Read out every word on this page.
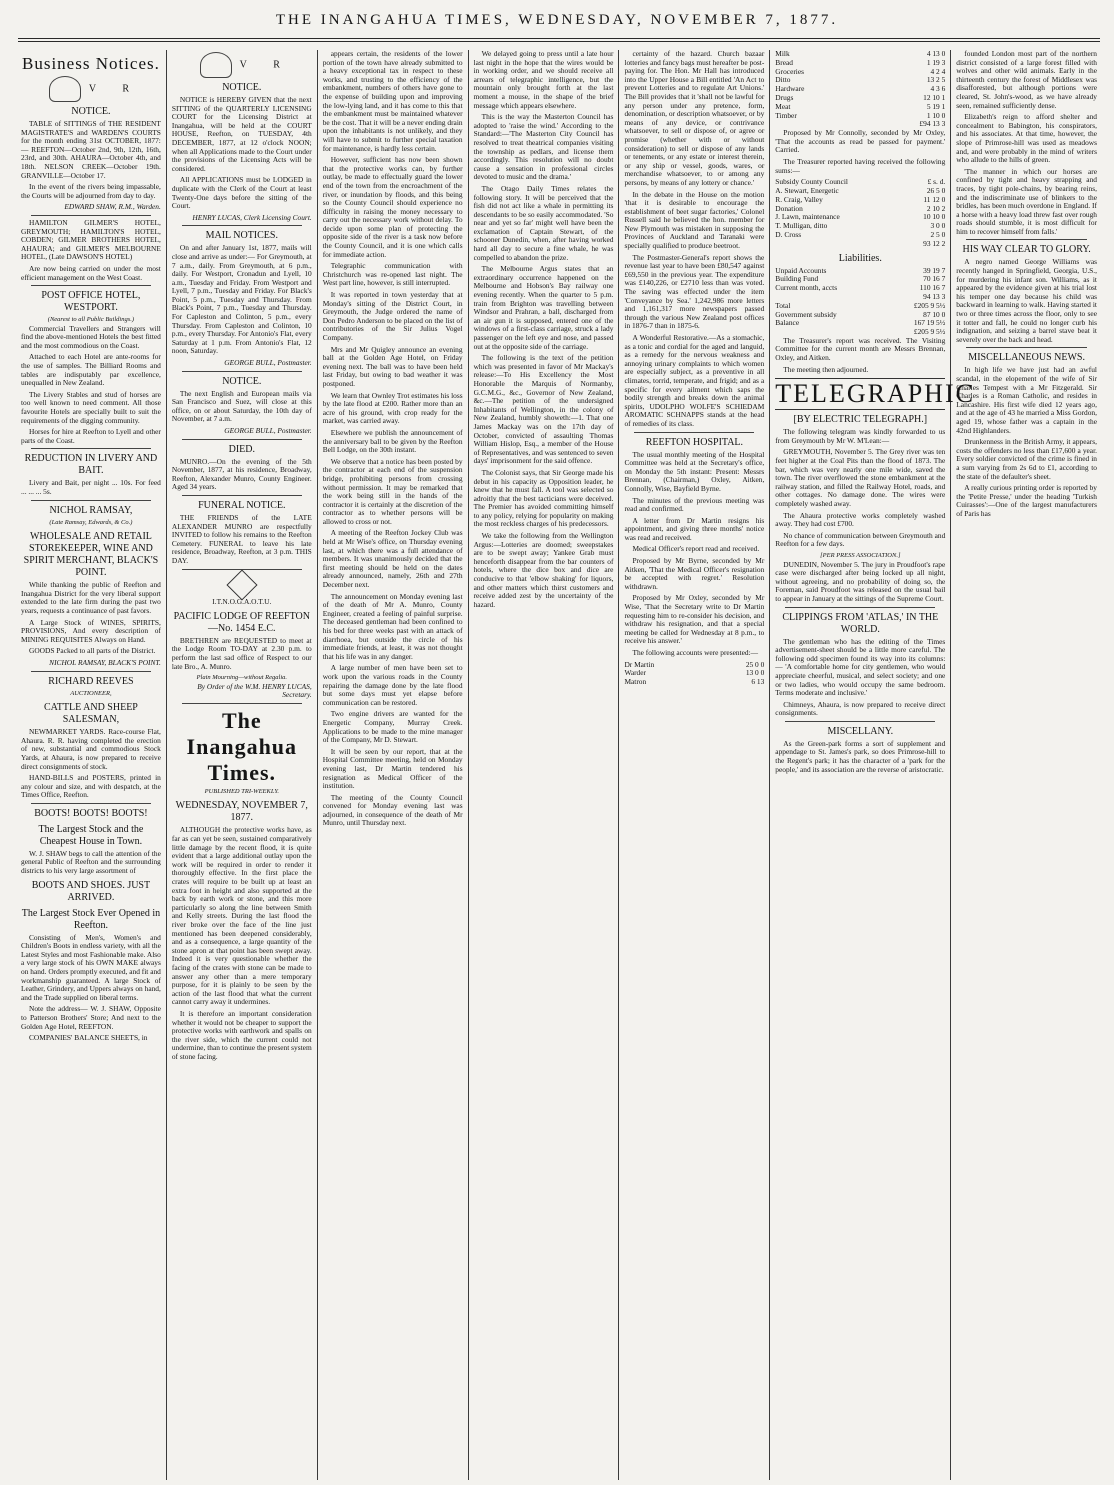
THE INANGAHUA TIMES, WEDNESDAY, NOVEMBER 7, 1877.
Business Notices.
V R
NOTICE.

TABLE of SITTINGS of THE RESIDENT MAGISTRATE'S and WARDEN'S COURTS for the month ending 31st OCTOBER, 1877:— REEFTON—October 2nd, 9th, 12th, 16th, 23rd, and 30th. AHAURA—October 4th, and 18th. NELSON CREEK—October 19th. GRANVILLE—October 17.

In the event of the rivers being impassable, the Courts will be adjourned from day to day.

EDWARD SHAW, R.M., Warden.

HAMILTON GILMER'S HOTEL, GREYMOUTH; HAMILTON'S HOTEL, COBDEN; GILMER BROTHERS HOTEL, AHAURA; and GILMER'S MELBOURNE HOTEL, (Late DAWSON'S HOTEL)

Are now being carried on under the most efficient management on the West Coast.

POST OFFICE HOTEL, WESTPORT.
(Nearest to all Public Buildings.)

Commercial Travellers and Strangers will find the above-mentioned Hotels the best fitted and the most commodious on the Coast.

Attached to each Hotel are ante-rooms for the use of samples. The Billiard Rooms and tables are indisputably par excellence, unequalled in New Zealand.

The Livery Stables and stud of horses are too well known to need comment. All those favourite Hotels are specially built to suit the requirements of the digging community.

Horses for hire at Reefton to Lyell and other parts of the Coast.

REDUCTION IN LIVERY AND BAIT.

Livery and Bait, per night ... 10s. For feed ... ... ... 5s.

NICHOL RAMSAY,
(Late Ramsay, Edwards, & Co.)
WHOLESALE AND RETAIL STOREKEEPER, WINE AND SPIRIT MERCHANT, BLACK'S POINT.

While thanking the public of Reefton and Inangahua District for the very liberal support extended to the late firm during the past two years, requests a continuance of past favors.

A Large Stock of WINES, SPIRITS, PROVISIONS, And every description of MINING REQUISITES Always on Hand.

GOODS Packed to all parts of the District.

NICHOL RAMSAY, BLACK'S POINT.
RICHARD REEVES
AUCTIONEER,
CATTLE AND SHEEP SALESMAN,

NEWMARKET YARDS. Race-course Flat, Ahaura. R. R. having completed the erection of new, substantial and commodious Stock Yards, at Ahaura, is now prepared to receive direct consignments of stock.

HAND-BILLS and POSTERS, printed in any colour and size, and with despatch, at the Times Office, Reefton.

BOOTS! BOOTS! BOOTS!
The Largest Stock and the Cheapest House in Town.

W. J. SHAW begs to call the attention of the general Public of Reefton and the surrounding districts to his very large assortment of

BOOTS AND SHOES. JUST ARRIVED.
The Largest Stock Ever Opened in Reefton.

Consisting of Men's, Women's and Children's Boots in endless variety, with all the Latest Styles and most Fashionable make. Also a very large stock of his OWN MAKE always on hand. Orders promptly executed, and fit and workmanship guaranteed. A large Stock of Leather, Grindery, and Uppers always on hand, and the Trade supplied on liberal terms.

Note the address— W. J. SHAW, Opposite to Patterson Brothers' Store; And next to the Golden Age Hotel, REEFTON.

COMPANIES' BALANCE SHEETS, in

V R
NOTICE.

NOTICE is HEREBY GIVEN that the next SITTING of the QUARTERLY LICENSING COURT for the Licensing District at Inangahua, will be held at the COURT HOUSE, Reefton, on TUESDAY, 4th DECEMBER, 1877, at 12 o'clock NOON; when all Applications made to the Court under the provisions of the Licensing Acts will be considered.

All APPLICATIONS must be LODGED in duplicate with the Clerk of the Court at least Twenty-One days before the sitting of the Court.

HENRY LUCAS, Clerk Licensing Court.
MAIL NOTICES.

On and after January 1st, 1877, mails will close and arrive as under:— For Greymouth, at 7 a.m., daily. From Greymouth, at 6 p.m., daily. For Westport, Cronadun and Lyell, 10 a.m., Tuesday and Friday. From Westport and Lyell, 7 p.m., Tuesday and Friday. For Black's Point, 5 p.m., Tuesday and Thursday. From Black's Point, 7 p.m., Tuesday and Thursday. For Capleston and Colinton, 5 p.m., every Thursday. From Capleston and Colinton, 10 p.m., every Thursday. For Antonio's Flat, every Saturday at 1 p.m. From Antonio's Flat, 12 noon, Saturday.

GEORGE BULL, Postmaster.
NOTICE.

The next English and European mails via San Francisco and Suez, will close at this office, on or about Saturday, the 10th day of November, at 7 a.m.

GEORGE BULL, Postmaster.
DIED.

MUNRO.—On the evening of the 5th November, 1877, at his residence, Broadway, Reefton, Alexander Munro, County Engineer. Aged 34 years.

FUNERAL NOTICE.

THE FRIENDS of the LATE ALEXANDER MUNRO are respectfully INVITED to follow his remains to the Reefton Cemetery. FUNERAL to leave his late residence, Broadway, Reefton, at 3 p.m. THIS DAY.

I.T.N.O.G.A.O.T.U.
PACIFIC LODGE OF REEFTON—No. 1454 E.C.

BRETHREN are REQUESTED to meet at the Lodge Room TO-DAY at 2.30 p.m. to perform the last sad office of Respect to our late Bro., A. Munro.

Plain Mourning—without Regalia.
By Order of the W.M. HENRY LUCAS, Secretary.
The Inangahua Times.
PUBLISHED TRI-WEEKLY.
WEDNESDAY, NOVEMBER 7, 1877.

ALTHOUGH the protective works have, as far as can yet be seen, sustained comparatively little damage by the recent flood, it is quite evident that a large additional outlay upon the work will be required in order to render it thoroughly effective. In the first place the crates will require to be built up at least an extra foot in height and also supported at the back by earth work or stone, and this more particularly so along the line between Smith and Kelly streets. During the last flood the river broke over the face of the line just mentioned has been deepened considerably, and as a consequence, a large quantity of the stone apron at that point has been swept away. Indeed it is very questionable whether the facing of the crates with stone can be made to answer any other than a mere temporary purpose, for it is plainly to be seen by the action of the last flood that what the current cannot carry away it undermines.

It is therefore an important consideration whether it would not be cheaper to support the protective works with earthwork and spalls on the river side, which the current could not undermine, than to continue the present system of stone facing.

appears certain, the residents of the lower portion of the town have already submitted to a heavy exceptional tax in respect to these works, and trusting to the efficiency of the embankment, numbers of others have gone to the expense of building upon and improving the low-lying land, and it has come to this that the embankment must be maintained whatever be the cost. That it will be a never ending drain upon the inhabitants is not unlikely, and they will have to submit to further special taxation for maintenance, is hardly less certain.

However, sufficient has now been shown that the protective works can, by further outlay, be made to effectually guard the lower end of the town from the encroachment of the river, or inundation by floods, and this being so the County Council should experience no difficulty in raising the money necessary to carry out the necessary work without delay. To decide upon some plan of protecting the opposite side of the river is a task now before the County Council, and it is one which calls for immediate action.

Telegraphic communication with Christchurch was re-opened last night. The West part line, however, is still interrupted.

It was reported in town yesterday that at Monday's sitting of the District Court, in Greymouth, the Judge ordered the name of Don Pedro Anderson to be placed on the list of contributories of the Sir Julius Vogel Company.

Mrs and Mr Quigley announce an evening ball at the Golden Age Hotel, on Friday evening next. The ball was to have been held last Friday, but owing to bad weather it was postponed.

We learn that Ownley Trot estimates his loss by the late flood at £200. Rather more than an acre of his ground, with crop ready for the market, was carried away.

Elsewhere we publish the announcement of the anniversary ball to be given by the Reefton Bell Lodge, on the 30th instant.

We observe that a notice has been posted by the contractor at each end of the suspension bridge, prohibiting persons from crossing without permission. It may be remarked that the work being still in the hands of the contractor it is certainly at the discretion of the contractor as to whether persons will be allowed to cross or not.

A meeting of the Reefton Jockey Club was held at Mr Wise's office, on Thursday evening last, at which there was a full attendance of members. It was unanimously decided that the first meeting should be held on the dates already announced, namely, 26th and 27th December next.

The announcement on Monday evening last of the death of Mr A. Munro, County Engineer, created a feeling of painful surprise. The deceased gentleman had been confined to his bed for three weeks past with an attack of diarrhoea, but outside the circle of his immediate friends, at least, it was not thought that his life was in any danger.

A large number of men have been set to work upon the various roads in the County repairing the damage done by the late flood but some days must yet elapse before communication can be restored.

Two engine drivers are wanted for the Energetic Company, Murray Creek. Applications to be made to the mine manager of the Company, Mr D. Stewart.

It will be seen by our report, that at the Hospital Committee meeting, held on Monday evening last, Dr Martin tendered his resignation as Medical Officer of the institution.

The meeting of the County Council convened for Monday evening last was adjourned, in consequence of the death of Mr Munro, until Thursday next.

We delayed going to press until a late hour last night in the hope that the wires would be in working order, and we should receive all arrears of telegraphic intelligence, but the mountain only brought forth at the last moment a mouse, in the shape of the brief message which appears elsewhere.

This is the way the Masterton Council has adopted to 'raise the wind.' According to the Standard:—'The Masterton City Council has resolved to treat theatrical companies visiting the township as pedlars, and license them accordingly. This resolution will no doubt cause a sensation in professional circles devoted to music and the drama.'

The Otago Daily Times relates the following story. It will be perceived that the fish did not act like a whale in permitting its descendants to be so easily accommodated. 'So near and yet so far' might well have been the exclamation of Captain Stewart, of the schooner Dunedin, when, after having worked hard all day to secure a fine whale, he was compelled to abandon the prize.

The Melbourne Argus states that an extraordinary occurrence happened on the Melbourne and Hobson's Bay railway one evening recently. When the quarter to 5 p.m. train from Brighton was travelling between Windsor and Prahran, a ball, discharged from an air gun it is supposed, entered one of the windows of a first-class carriage, struck a lady passenger on the left eye and nose, and passed out at the opposite side of the carriage.

The following is the text of the petition which was presented in favor of Mr Mackay's release:—To His Excellency the Most Honorable the Marquis of Normanby, G.C.M.G., &c., Governor of New Zealand, &c.—The petition of the undersigned Inhabitants of Wellington, in the colony of New Zealand, humbly showeth:—1. That one James Mackay was on the 17th day of October, convicted of assaulting Thomas William Hislop, Esq., a member of the House of Representatives, and was sentenced to seven days' imprisonment for the said offence.

The Colonist says, that Sir George made his debut in his capacity as Opposition leader, he knew that he must fall. A tool was selected so adroitly that the best tacticians were deceived. The Premier has avoided committing himself to any policy, relying for popularity on making the most reckless charges of his predecessors.

We take the following from the Wellington Argus:—Lotteries are doomed; sweepstakes are to be swept away; Yankee Grab must henceforth disappear from the bar counters of hotels, where the dice box and dice are conducive to that 'elbow shaking' for liquors, and other matters which thirst customers and receive added zest by the uncertainty of the hazard.

certainty of the hazard. Church bazaar lotteries and fancy bags must hereafter be post-paying for. The Hon. Mr Hall has introduced into the Upper House a Bill entitled 'An Act to prevent Lotteries and to regulate Art Unions.' The Bill provides that it 'shall not be lawful for any person under any pretence, form, denomination, or description whatsoever, or by means of any device, or contrivance whatsoever, to sell or dispose of, or agree or promise (whether with or without consideration) to sell or dispose of any lands or tenements, or any estate or interest therein, or any ship or vessel, goods, wares, or merchandise whatsoever, to or among any persons, by means of any lottery or chance.'

In the debate in the House on the motion 'that it is desirable to encourage the establishment of beet sugar factories,' Colonel Russell said he believed the hon. member for New Plymouth was mistaken in supposing the Provinces of Auckland and Taranaki were specially qualified to produce beetroot.

The Postmaster-General's report shows the revenue last year to have been £80,547 against £69,550 in the previous year. The expenditure was £140,226, or £2710 less than was voted. The saving was effected under the item 'Conveyance by Sea.' 1,242,986 more letters and 1,161,317 more newspapers passed through the various New Zealand post offices in 1876-7 than in 1875-6.

A Wonderful Restorative.—As a stomachic, as a tonic and cordial for the aged and languid, as a remedy for the nervous weakness and annoying urinary complaints to which women are especially subject, as a preventive in all climates, torrid, temperate, and frigid; and as a specific for every ailment which saps the bodily strength and breaks down the animal spirits, UDOLPHO WOLFE'S SCHIEDAM AROMATIC SCHNAPPS stands at the head of remedies of its class.

REEFTON HOSPITAL.

The usual monthly meeting of the Hospital Committee was held at the Secretary's office, on Monday the 5th instant: Present: Messrs Brennan, (Chairman,) Oxley, Aitken, Connolly, Wise, Bayfield Byrne.

The minutes of the previous meeting was read and confirmed.

A letter from Dr Martin resigns his appointment, and giving three months' notice was read and received.

Medical Officer's report read and received.

Proposed by Mr Byrne, seconded by Mr Aitken, 'That the Medical Officer's resignation be accepted with regret.' Resolution withdrawn.

Proposed by Mr Oxley, seconded by Mr Wise, 'That the Secretary write to Dr Martin requesting him to re-consider his decision, and withdraw his resignation, and that a special meeting be called for Wednesday at 8 p.m., to receive his answer.'

The following accounts were presented:—

Dr Martin	25 0 0
Warder	13 0 0
Matron	6 13
Milk	4 13 0
Bread	1 19 3
Groceries	4 2 4
Ditto	13 2 5
Hardware	4 3 6
Drugs	12 10 1
Meat	5 19 1
Timber	1 10 0
	£94 13 3

Proposed by Mr Connolly, seconded by Mr Oxley, 'That the accounts as read be passed for payment.' Carried.

The Treasurer reported having received the following sums:—

Subsidy County Council	£ s. d.
A. Stewart, Energetic	26 5 0
R. Craig, Valley	11 12 0
Donation	2 10 2
J. Lawn, maintenance	10 10 0
T. Mulligan, ditto	3 0 0
D. Cross	2 5 0
	93 12 2
Liabilities.
Unpaid Accounts	39 19 7
Building Fund	70 16 7
Current month, accts	110 16 7
	94 13 3
Total	£205 9 5½
Government subsidy	87 10 0
Balance	167 19 5½
	£205 9 5½

The Treasurer's report was received. The Visiting Committee for the current month are Messrs Brennan, Oxley, and Aitken.

The meeting then adjourned.

TELEGRAPHIC
[BY ELECTRIC TELEGRAPH.]

The following telegram was kindly forwarded to us from Greymouth by Mr W. M'Lean:—

GREYMOUTH, November 5. The Grey river was ten feet higher at the Coal Pits than the flood of 1873. The bar, which was very nearly one mile wide, saved the town. The river overflowed the stone embankment at the railway station, and filled the Railway Hotel, roads, and other cottages. No damage done. The wires were completely washed away.

The Ahaura protective works completely washed away. They had cost £700.

No chance of communication between Greymouth and Reefton for a few days.

[PER PRESS ASSOCIATION.]

DUNEDIN, November 5. The jury in Proudfoot's rape case were discharged after being locked up all night, without agreeing, and no probability of doing so, the Foreman, said Proudfoot was released on the usual bail to appear in January at the sittings of the Supreme Court.

CLIPPINGS FROM 'ATLAS,' IN THE WORLD.

The gentleman who has the editing of the Times advertisement-sheet should be a little more careful. The following odd specimen found its way into its columns:— 'A comfortable home for city gentlemen, who would appreciate cheerful, musical, and select society; and one or two ladies, who would occupy the same bedroom. Terms moderate and inclusive.'

Chimneys, Ahaura, is now prepared to receive direct consignments.

MISCELLANY.

As the Green-park forms a sort of supplement and appendage to St. James's park, so does Primrose-hill to the Regent's park; it has the character of a 'park for the people,' and its association are the reverse of aristocratic.

founded London most part of the northern district consisted of a large forest filled with wolves and other wild animals. Early in the thirteenth century the forest of Middlesex was disafforested, but although portions were cleared, St. John's-wood, as we have already seen, remained sufficiently dense.

Elizabeth's reign to afford shelter and concealment to Babington, his conspirators, and his associates. At that time, however, the slope of Primrose-hill was used as meadows and, and were probably in the mind of writers who allude to the hills of green.

'The manner in which our horses are confined by tight and heavy strapping and traces, by tight pole-chains, by bearing reins, and the indiscriminate use of blinkers to the bridles, has been much overdone in England. If a horse with a heavy load threw fast over rough roads should stumble, it is most difficult for him to recover himself from falls.'

HIS WAY CLEAR TO GLORY.

A negro named George Williams was recently hanged in Springfield, Georgia, U.S., for murdering his infant son. Williams, as it appeared by the evidence given at his trial lost his temper one day because his child was backward in learning to walk. Having started it two or three times across the floor, only to see it totter and fall, he could no longer curb his indignation, and seizing a barrel stave beat it severely over the back and head.

MISCELLANEOUS NEWS.

In high life we have just had an awful scandal, in the elopement of the wife of Sir Charles Tempest with a Mr Fitzgerald. Sir Charles is a Roman Catholic, and resides in Lancashire. His first wife died 12 years ago, and at the age of 43 he married a Miss Gordon, aged 19, whose father was a captain in the 42nd Highlanders.

Drunkenness in the British Army, it appears, costs the offenders no less than £17,600 a year. Every soldier convicted of the crime is fined in a sum varying from 2s 6d to £1, according to the state of the defaulter's sheet.

A really curious printing order is reported by the 'Petite Presse,' under the heading 'Turkish Cuirasses':—One of the largest manufacturers of Paris has
